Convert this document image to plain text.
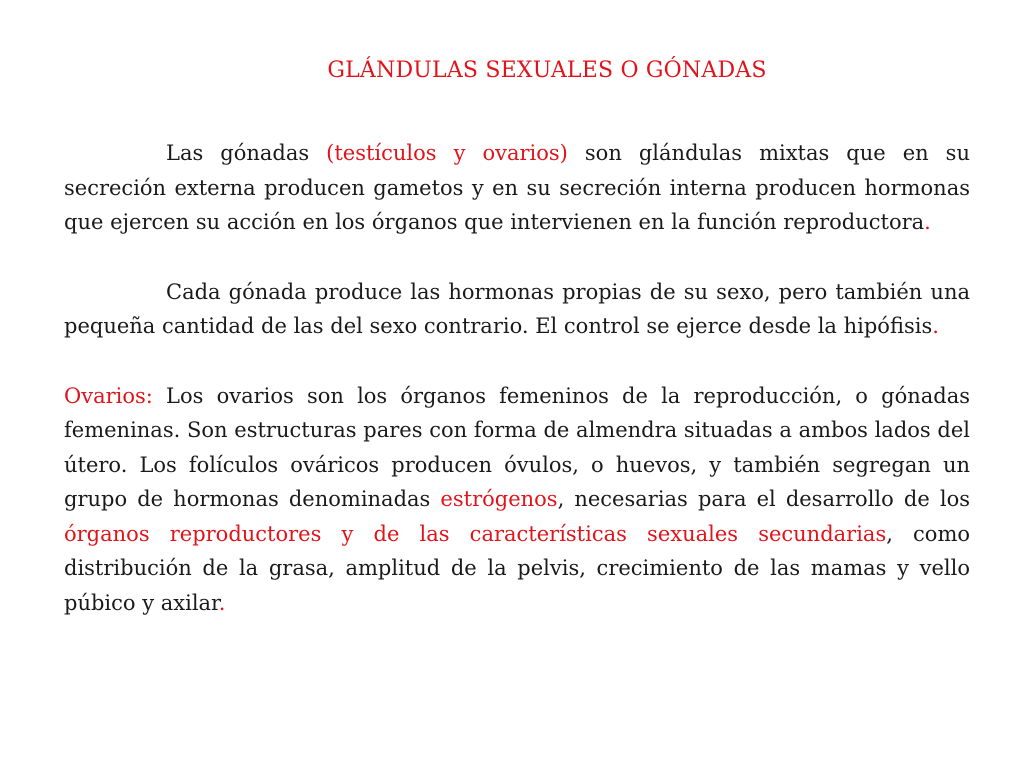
GLÁNDULAS SEXUALES O GÓNADAS

Las gónadas (testículos y ovarios) son glándulas mixtas que en su secreción externa producen gametos y en su secreción interna producen hormonas que ejercen su acción en los órganos que intervienen en la función reproductora.

Cada gónada produce las hormonas propias de su sexo, pero también una pequeña cantidad de las del sexo contrario. El control se ejerce desde la hipófisis.

Ovarios: Los ovarios son los órganos femeninos de la reproducción, o gónadas femeninas. Son estructuras pares con forma de almendra situadas a ambos lados del útero. Los folículos ováricos producen óvulos, o huevos, y también segregan un grupo de hormonas denominadas estrógenos, necesarias para el desarrollo de los órganos reproductores y de las características sexuales secundarias, como distribución de la grasa, amplitud de la pelvis, crecimiento de las mamas y vello púbico y axilar.
